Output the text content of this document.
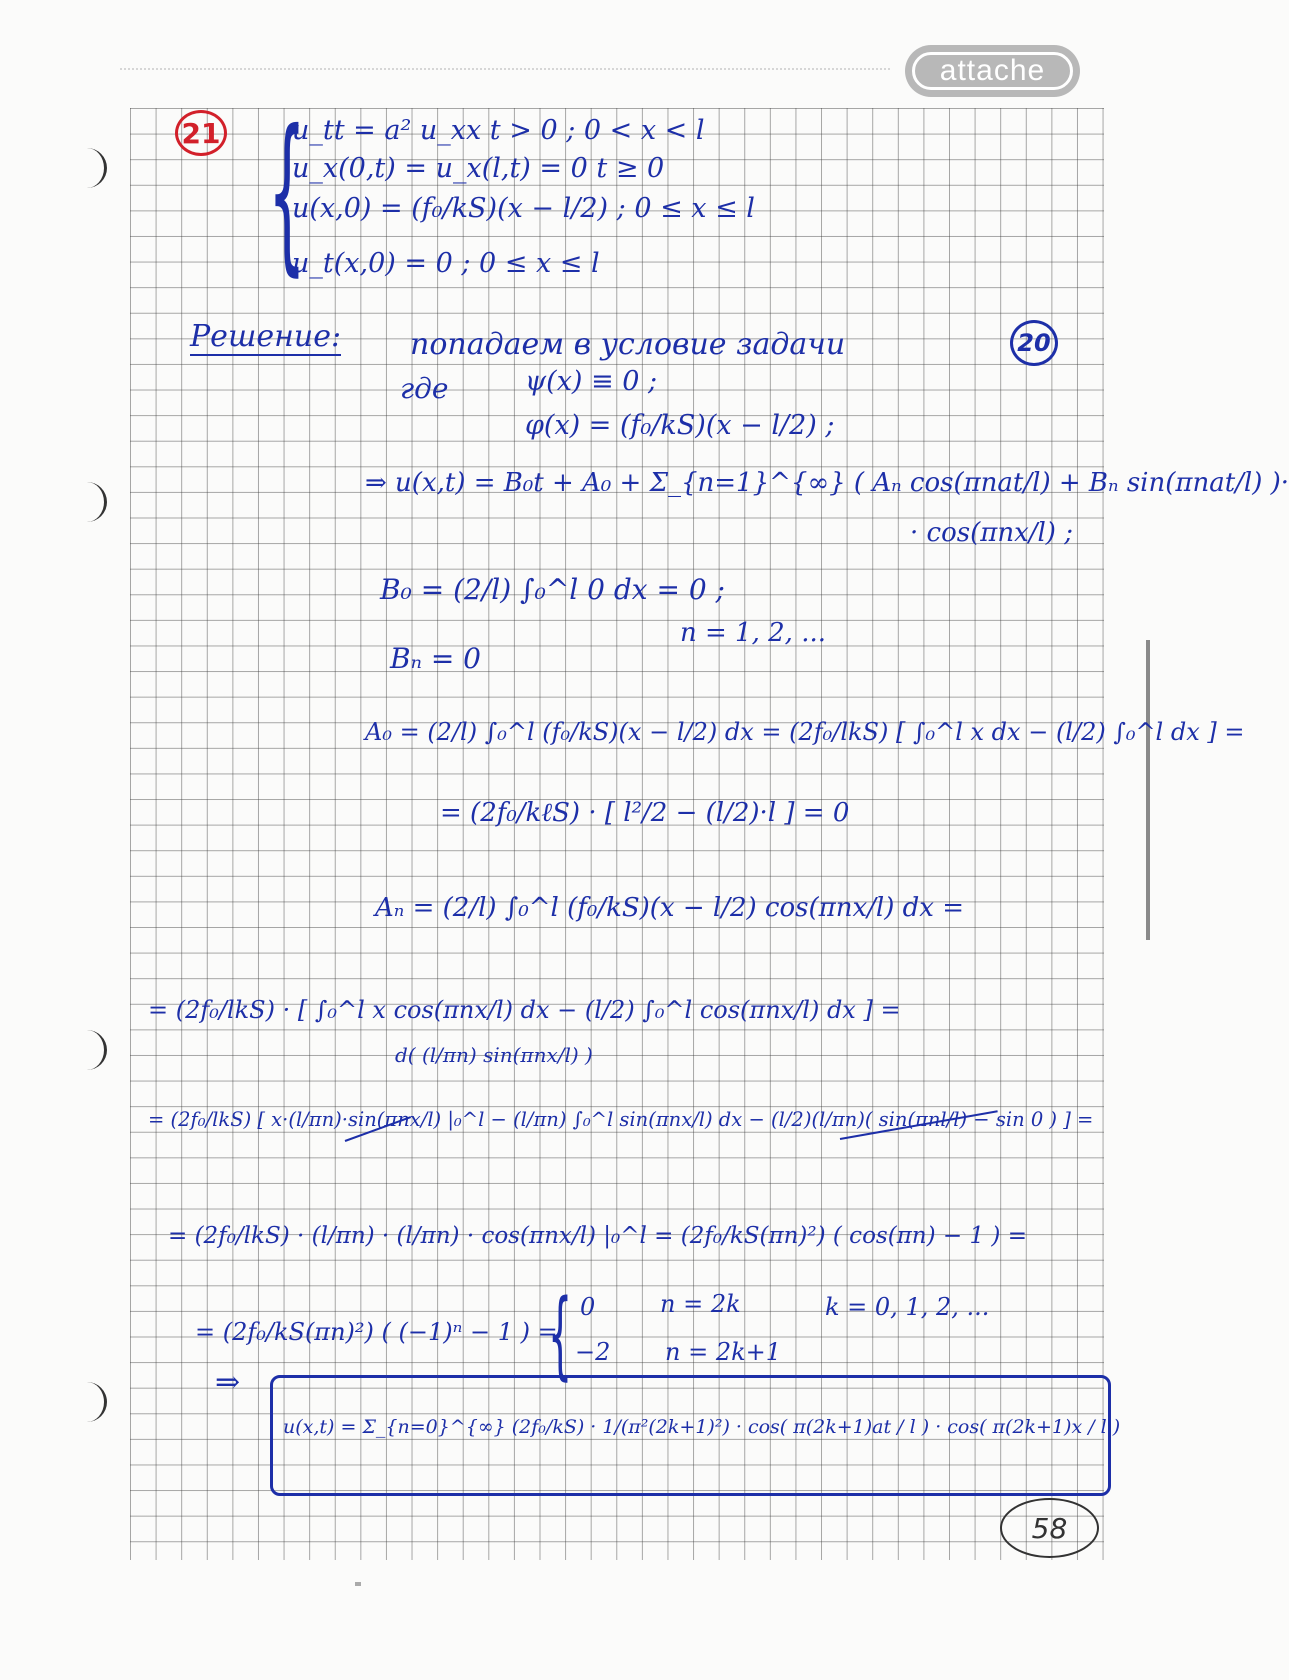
attache
21 {
u_tt = a² u_xx t > 0 ; 0 < x < l
u_x(0,t) = u_x(l,t) = 0 t ≥ 0
u(x,0) = (f₀/kS)(x − l/2) ; 0 ≤ x ≤ l
u_t(x,0) = 0 ; 0 ≤ x ≤ l
Решение: попадаем в условие задачи	20
где	ψ(x) ≡ 0 ;
φ(x) = (f₀/kS)(x − l/2) ;
⇒ u(x,t) = B₀t + A₀ + Σ_{n=1}^{∞} ( Aₙ cos(πnat/l) + Bₙ sin(πnat/l) )·
· cos(πnx/l) ;
B₀ = (2/l) ∫₀^l 0 dx = 0 ;
n = 1, 2, ...
Bₙ = 0
A₀ = (2/l) ∫₀^l (f₀/kS)(x − l/2) dx = (2f₀/lkS) [ ∫₀^l x dx − (l/2) ∫₀^l dx ] =
= (2f₀/kℓS) · [ l²/2 − (l/2)·l ] = 0
Aₙ = (2/l) ∫₀^l (f₀/kS)(x − l/2) cos(πnx/l) dx =
= (2f₀/lkS) · [ ∫₀^l x cos(πnx/l) dx − (l/2) ∫₀^l cos(πnx/l) dx ] =
d( (l/πn) sin(πnx/l) )
= (2f₀/lkS) [ x·(l/πn)·sin(πnx/l) |₀^l − (l/πn) ∫₀^l sin(πnx/l) dx − (l/2)(l/πn)( sin(πnl/l) − sin 0 ) ] =
= (2f₀/lkS) · (l/πn) · (l/πn) · cos(πnx/l) |₀^l = (2f₀/kS(πn)²) ( cos(πn) − 1 ) =
= (2f₀/kS(πn)²) ( (−1)ⁿ − 1 ) =
{ 0	n = 2k	k = 0, 1, 2, ...
−2 n = 2k+1
⇒
u(x,t) = Σ_{n=0}^{∞} (2f₀/kS) · 1/(π²(2k+1)²) · cos( π(2k+1)at / l ) · cos( π(2k+1)x / l )
58
